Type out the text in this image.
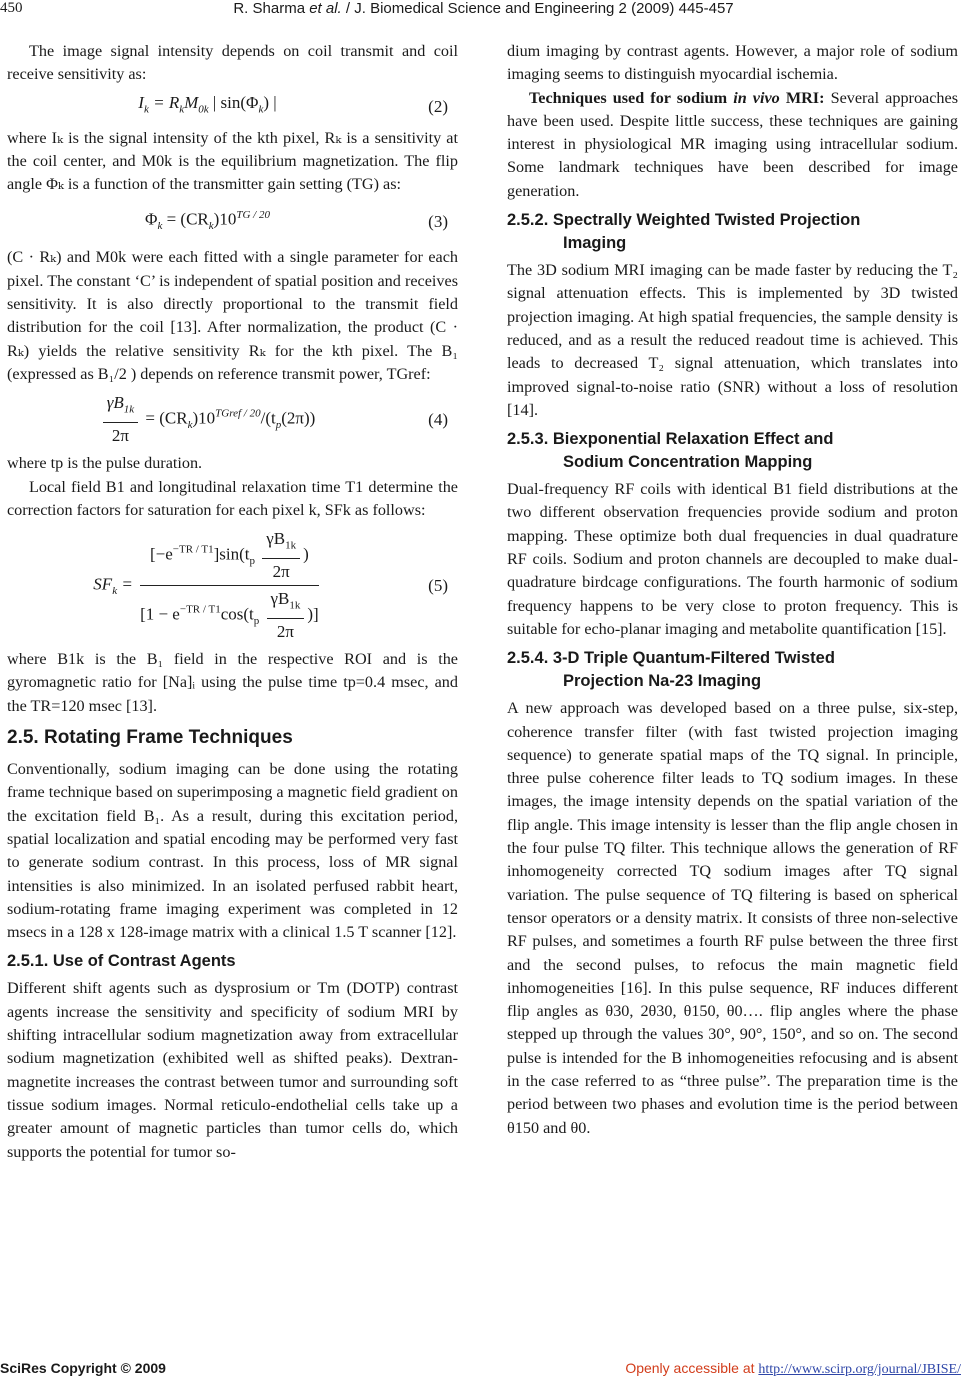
450	R. Sharma et al. / J. Biomedical Science and Engineering 2 (2009) 445-457

The image signal intensity depends on coil transmit and coil receive sensitivity as:

$I_k = R_kM_{0k}$ | $\sin(\Phi_k)$ |	(2)

where Iₖ is the signal intensity of the kth pixel, Rₖ is a sensitivity at the coil center, and M0k is the equilibrium magnetization. The flip angle Φₖ is a function of the transmitter gain setting (TG) as:

$\Phi_k = (CR_k)10^{TG / 20}$	(3)

(C · Rₖ) and M0k were each fitted with a single parameter for each pixel. The constant ‘C’ is independent of spatial position and receives sensitivity. It is also directly proportional to the transmit field distribution for the coil [13]. After normalization, the product (C · Rₖ) yields the relative sensitivity Rₖ for the kth pixel. The B₁ (expressed as B₁/2 ) depends on reference transmit power, TGref:

$\frac{\gamma B_{1k}}{2\pi} = (CR_k)10^{TGref / 20}/(t_p(2\pi))$	(4)

where tp is the pulse duration.

Local field B1 and longitudinal relaxation time T1 determine the correction factors for saturation for each pixel k, SFk as follows:

$SF_k = \frac{[-e^{-TR / T1}]\sin(t_p \frac{\gamma B_{1k}}{2\pi} )}{[1 - e^{-TR / T1}\cos(t_p \frac{\gamma B_{1k}}{2\pi} )]}$	(5)

where B1k is the B₁ field in the respective ROI and is the gyromagnetic ratio for [Na]ᵢ using the pulse time tp=0.4 msec, and the TR=120 msec [13].

2.5. Rotating Frame Techniques

Conventionally, sodium imaging can be done using the rotating frame technique based on superimposing a magnetic field gradient on the excitation field B₁. As a result, during this excitation period, spatial localization and spatial encoding may be performed very fast to generate sodium contrast. In this process, loss of MR signal intensities is also minimized. In an isolated perfused rabbit heart, sodium-rotating frame imaging experiment was completed in 12 msecs in a 128 x 128-image matrix with a clinical 1.5 T scanner [12].

2.5.1. Use of Contrast Agents

Different shift agents such as dysprosium or Tm (DOTP) contrast agents increase the sensitivity and specificity of sodium MRI by shifting intracellular sodium magnetization away from extracellular sodium magnetization (exhibited well as shifted peaks). Dextran-magnetite increases the contrast between tumor and surrounding soft tissue sodium images. Normal reticulo-endothelial cells take up a greater amount of magnetic particles than tumor cells do, which supports the potential for tumor so-

dium imaging by contrast agents. However, a major role of sodium imaging seems to distinguish myocardial ischemia.

Techniques used for sodium in vivo MRI: Several approaches have been used. Despite little success, these techniques are gaining interest in physiological MR imaging using intracellular sodium. Some landmark techniques have been described for image generation.

2.5.2. Spectrally Weighted Twisted Projection
Imaging

The 3D sodium MRI imaging can be made faster by reducing the T₂ signal attenuation effects. This is implemented by 3D twisted projection imaging. At high spatial frequencies, the sample density is reduced, and as a result the reduced readout time is achieved. This leads to decreased T₂ signal attenuation, which translates into improved signal-to-noise ratio (SNR) without a loss of resolution [14].

2.5.3. Biexponential Relaxation Effect and
Sodium Concentration Mapping

Dual-frequency RF coils with identical B1 field distributions at the two different observation frequencies provide sodium and proton mapping. These optimize both dual frequencies in dual quadrature RF coils. Sodium and proton channels are decoupled to make dual-quadrature birdcage configurations. The fourth harmonic of sodium frequency happens to be very close to proton frequency. This is suitable for echo-planar imaging and metabolite quantification [15].

2.5.4. 3-D Triple Quantum-Filtered Twisted
Projection Na-23 Imaging

A new approach was developed based on a three pulse, six-step, coherence transfer filter (with fast twisted projection imaging sequence) to generate spatial maps of the TQ signal. In principle, three pulse coherence filter leads to TQ sodium images. In these images, the image intensity depends on the spatial variation of the flip angle. This image intensity is lesser than the flip angle chosen in the four pulse TQ filter. This technique allows the generation of RF inhomogeneity corrected TQ sodium images after TQ signal variation. The pulse sequence of TQ filtering is based on spherical tensor operators or a density matrix. It consists of three non-selective RF pulses, and sometimes a fourth RF pulse between the three first and the second pulses, to refocus the main magnetic field inhomogeneities [16]. In this pulse sequence, RF induces different flip angles as θ30, 2θ30, θ150, θ0…. flip angles where the phase stepped up through the values 30°, 90°, 150°, and so on. The second pulse is intended for the B inhomogeneities refocusing and is absent in the case referred to as “three pulse”. The preparation time is the period between two phases and evolution time is the period between θ150 and θ0.

SciRes Copyright © 2009	Openly accessible at http://www.scirp.org/journal/JBISE/
